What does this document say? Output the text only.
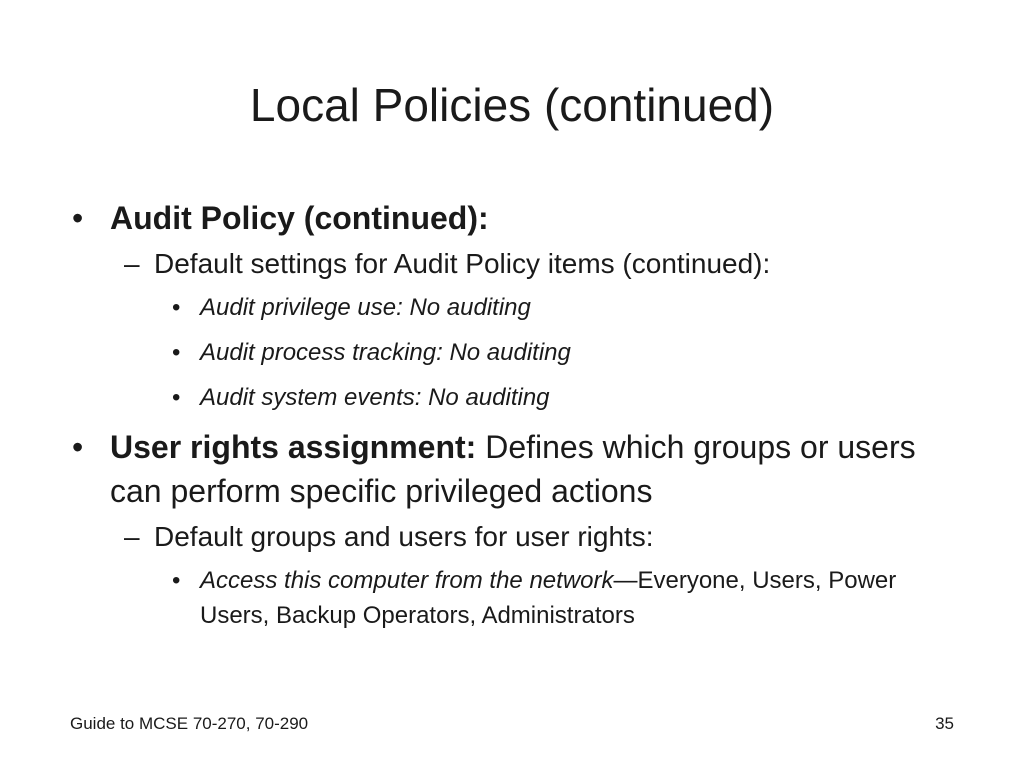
Local Policies (continued)
• Audit Policy (continued):
– Default settings for Audit Policy items (continued):
• Audit privilege use: No auditing
• Audit process tracking: No auditing
• Audit system events: No auditing
• User rights assignment: Defines which groups or users can perform specific privileged actions
– Default groups and users for user rights:
• Access this computer from the network—Everyone, Users, Power Users, Backup Operators, Administrators
Guide to MCSE 70-270, 70-290	35
